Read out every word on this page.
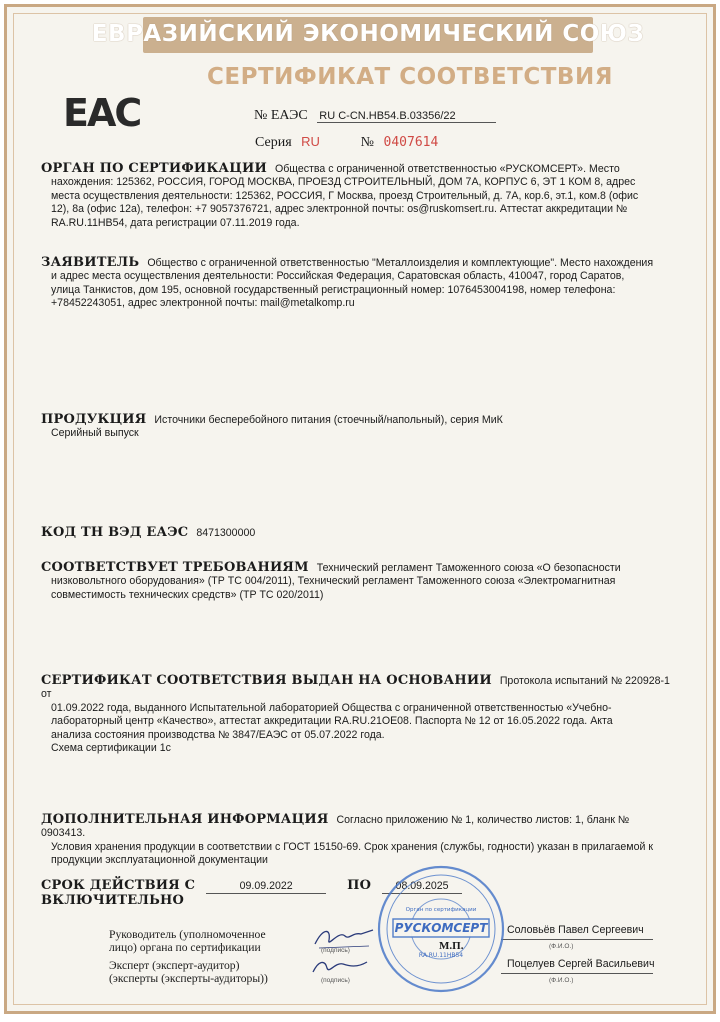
ЕВРАЗИЙСКИЙ ЭКОНОМИЧЕСКИЙ СОЮЗ
СЕРТИФИКАТ СООТВЕТСТВИЯ
EAC	№ ЕАЭС RU C-CN.HB54.B.03356/22
Серия RU	№ 0407614
ОРГАН ПО СЕРТИФИКАЦИИ Общества с ограниченной ответственностью «РУСКОМСЕРТ». Место
нахождения: 125362, РОССИЯ, ГОРОД МОСКВА, ПРОЕЗД СТРОИТЕЛЬНЫЙ, ДОМ 7А, КОРПУС 6, ЭТ 1 КОМ 8, адрес
места осуществления деятельности: 125362, РОССИЯ, Г Москва, проезд Строительный, д. 7А, кор.6, эт.1, ком.8 (офис
12), 8а (офис 12а), телефон: +7 9057376721, адрес электронной почты: os@ruskomsert.ru. Аттестат аккредитации №
RA.RU.11HB54, дата регистрации 07.11.2019 года.
ЗАЯВИТЕЛЬ Общество с ограниченной ответственностью "Металлоизделия и комплектующие". Место нахождения
и адрес места осуществления деятельности: Российская Федерация, Саратовская область, 410047, город Саратов,
улица Танкистов, дом 195, основной государственный регистрационный номер: 1076453004198, номер телефона:
+78452243051, адрес электронной почты: mail@metalkomp.ru
ПРОДУКЦИЯ Источники бесперебойного питания (стоечный/напольный), серия МиК
Серийный выпуск
КОД ТН ВЭД ЕАЭС 8471300000
СООТВЕТСТВУЕТ ТРЕБОВАНИЯМ Технический регламент Таможенного союза «О безопасности
низковольтного оборудования» (ТР ТС 004/2011), Технический регламент Таможенного союза «Электромагнитная
совместимость технических средств» (ТР ТС 020/2011)
СЕРТИФИКАТ СООТВЕТСТВИЯ ВЫДАН НА ОСНОВАНИИ Протокола испытаний № 220928-1 от
01.09.2022 года, выданного Испытательной лабораторией Общества с ограниченной ответственностью «Учебно-
лабораторный центр «Качество», аттестат аккредитации RA.RU.21ОЕ08. Паспорта № 12 от 16.05.2022 года. Акта
анализа состояния производства № 3847/ЕАЭС от 05.07.2022 года.
Схема сертификации 1с
ДОПОЛНИТЕЛЬНАЯ ИНФОРМАЦИЯ Согласно приложению № 1, количество листов: 1, бланк № 0903413.
Условия хранения продукции в соответствии с ГОСТ 15150-69. Срок хранения (службы, годности) указан в прилагаемой к
продукции эксплуатационной документации
СРОК ДЕЙСТВИЯ С	09.09.2022	ПО 08.09.2025
ВКЛЮЧИТЕЛЬНО
Руководитель (уполномоченное
лицо) органа по сертификации	(подпись)	М.П.
Соловьёв Павел Сергеевич
(Ф.И.О.)
Эксперт (эксперт-аудитор)
(эксперты (эксперты-аудиторы))	(подпись)
Поцелуев Сергей Васильевич
(Ф.И.О.)
РУСКОМСЕРТ
Орган по сертификации
RA.RU.11HB54
